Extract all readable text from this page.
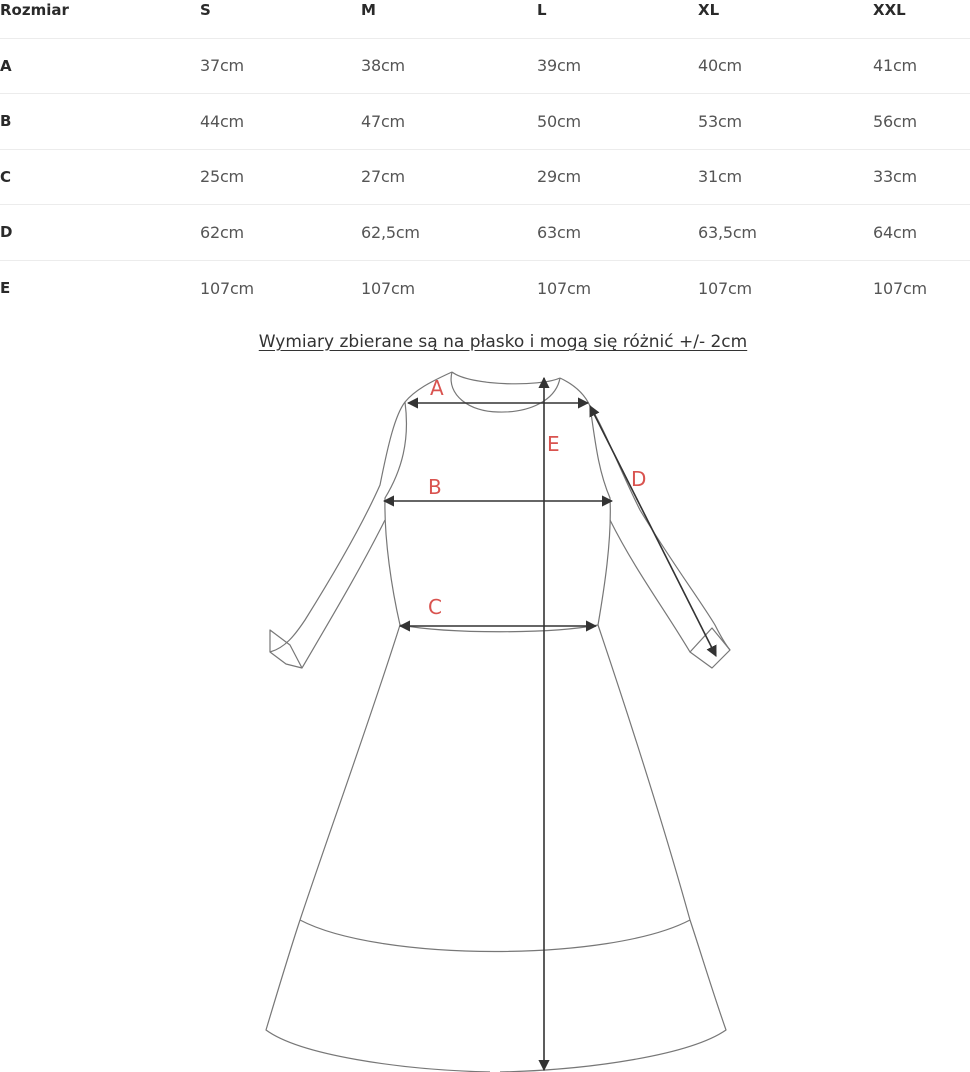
Rozmiar	S	M	L	XL	XXL
A	37cm	38cm	39cm	40cm	41cm
B	44cm	47cm	50cm	53cm	56cm
C	25cm	27cm	29cm	31cm	33cm
D	62cm	62,5cm	63cm	63,5cm	64cm
E	107cm	107cm	107cm	107cm	107cm
Wymiary zbierane są na płasko i mogą się różnić +/- 2cm
A
B
C
D
E
